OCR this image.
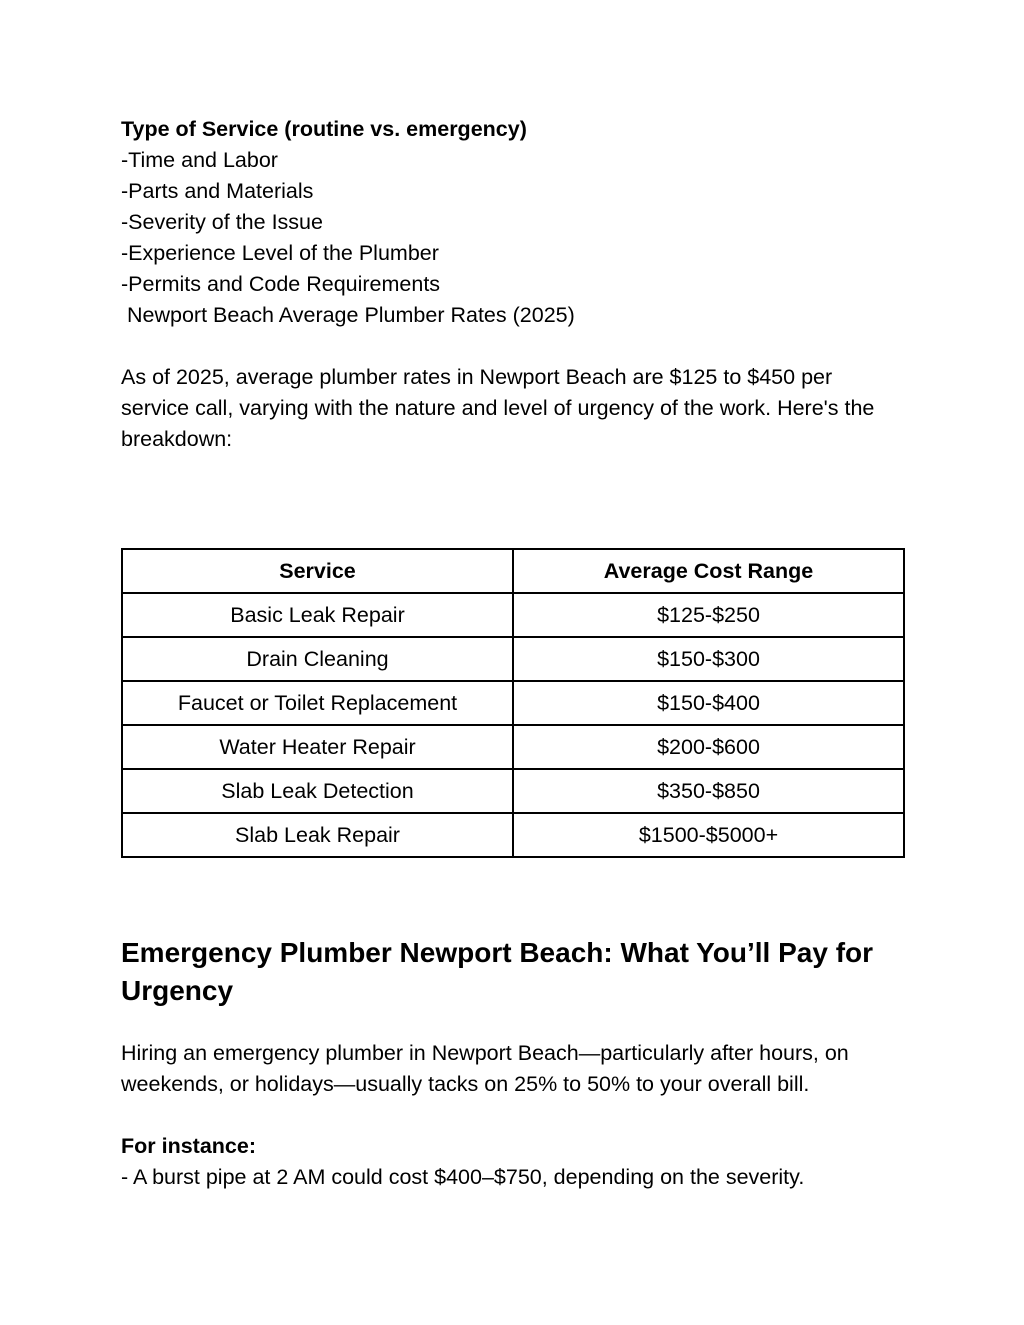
Type of Service (routine vs. emergency)

-Time and Labor

-Parts and Materials

-Severity of the Issue

-Experience Level of the Plumber

-Permits and Code Requirements

Newport Beach Average Plumber Rates (2025)

As of 2025, average plumber rates in Newport Beach are $125 to $450 per service call, varying with the nature and level of urgency of the work. Here's the breakdown:

Service	Average Cost Range
Basic Leak Repair	$125-$250
Drain Cleaning	$150-$300
Faucet or Toilet Replacement	$150-$400
Water Heater Repair	$200-$600
Slab Leak Detection	$350-$850
Slab Leak Repair	$1500-$5000+
Emergency Plumber Newport Beach: What You’ll Pay for Urgency

Hiring an emergency plumber in Newport Beach—particularly after hours, on weekends, or holidays—usually tacks on 25% to 50% to your overall bill.

For instance:

- A burst pipe at 2 AM could cost $400–$750, depending on the severity.
